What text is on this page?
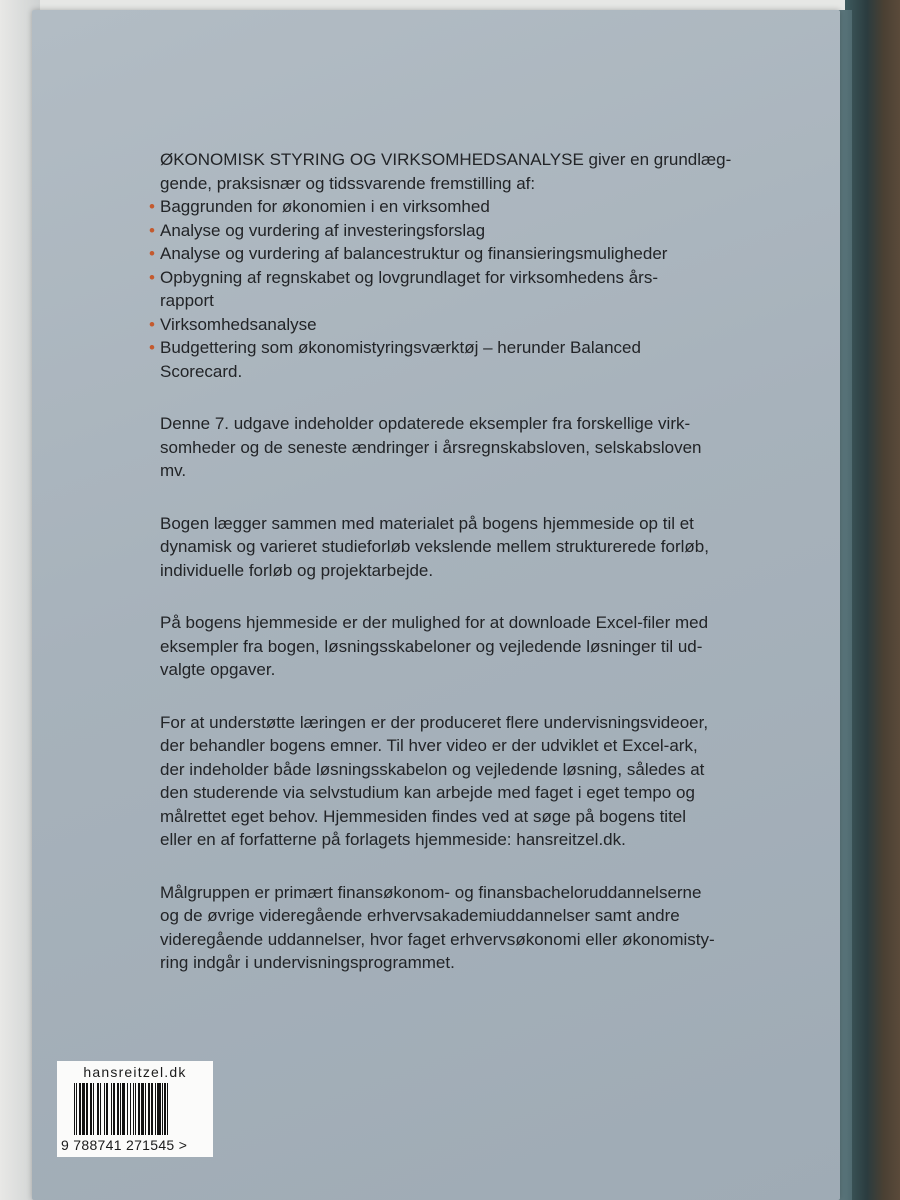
ØKONOMISK STYRING OG VIRKSOMHEDSANALYSE giver en grundlæg-
gende, praksisnær og tidssvarende fremstilling af:
• Baggrunden for økonomien i en virksomhed
• Analyse og vurdering af investeringsforslag
• Analyse og vurdering af balancestruktur og finansieringsmuligheder
• Opbygning af regnskabet og lovgrundlaget for virksomhedens års-
rapport
• Virksomhedsanalyse
• Budgettering som økonomistyringsværktøj – herunder Balanced
Scorecard.

Denne 7. udgave indeholder opdaterede eksempler fra forskellige virk-
somheder og de seneste ændringer i årsregnskabsloven, selskabsloven
mv.

Bogen lægger sammen med materialet på bogens hjemmeside op til et
dynamisk og varieret studieforløb vekslende mellem strukturerede forløb,
individuelle forløb og projektarbejde.

På bogens hjemmeside er der mulighed for at downloade Excel-filer med
eksempler fra bogen, løsningsskabeloner og vejledende løsninger til ud-
valgte opgaver.

For at understøtte læringen er der produceret flere undervisningsvideoer,
der behandler bogens emner. Til hver video er der udviklet et Excel-ark,
der indeholder både løsningsskabelon og vejledende løsning, således at
den studerende via selvstudium kan arbejde med faget i eget tempo og
målrettet eget behov. Hjemmesiden findes ved at søge på bogens titel
eller en af forfatterne på forlagets hjemmeside: hansreitzel.dk.

Målgruppen er primært finansøkonom- og finansbacheloruddannelserne
og de øvrige videregående erhvervsakademiuddannelser samt andre
videregående uddannelser, hvor faget erhvervsøkonomi eller økonomisty-
ring indgår i undervisningsprogrammet.

hansreitzel.dk
9 788741 271545 >
